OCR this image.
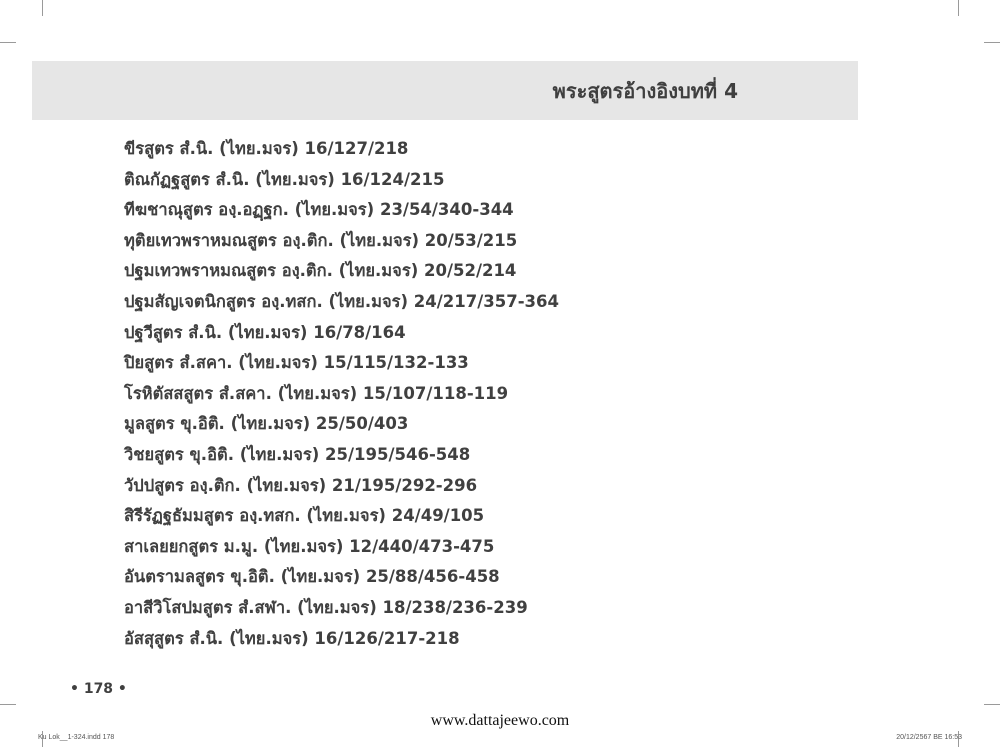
พระสูตรอ้างอิงบทที่ 4
ขีรสูตร สํ.นิ. (ไทย.มจร) 16/127/218
ติณกัฏฐสูตร สํ.นิ. (ไทย.มจร) 16/124/215
ทีฆชาณุสูตร องฺ.อฏฺฐก. (ไทย.มจร) 23/54/340-344
ทุติยเทวพราหมณสูตร องฺ.ติก. (ไทย.มจร) 20/53/215
ปฐมเทวพราหมณสูตร องฺ.ติก. (ไทย.มจร) 20/52/214
ปฐมสัญเจตนิกสูตร องฺ.ทสก. (ไทย.มจร) 24/217/357-364
ปฐวีสูตร สํ.นิ. (ไทย.มจร) 16/78/164
ปิยสูตร สํ.สคา. (ไทย.มจร) 15/115/132-133
โรหิตัสสสูตร สํ.สคา. (ไทย.มจร) 15/107/118-119
มูลสูตร ขุ.อิติ. (ไทย.มจร) 25/50/403
วิชยสูตร ขุ.อิติ. (ไทย.มจร) 25/195/546-548
วัปปสูตร องฺ.ติก. (ไทย.มจร) 21/195/292-296
สิรีรัฏฐธัมมสูตร องฺ.ทสก. (ไทย.มจร) 24/49/105
สาเลยยกสูตร ม.มู. (ไทย.มจร) 12/440/473-475
อันตรามลสูตร ขุ.อิติ. (ไทย.มจร) 25/88/456-458
อาสีวิโสปมสูตร สํ.สฬา. (ไทย.มจร) 18/238/236-239
อัสสุสูตร สํ.นิ. (ไทย.มจร) 16/126/217-218
• 178 •
www.dattajeewo.com
Ku Lok__1-324.indd 178	20/12/2567 BE 16:53
